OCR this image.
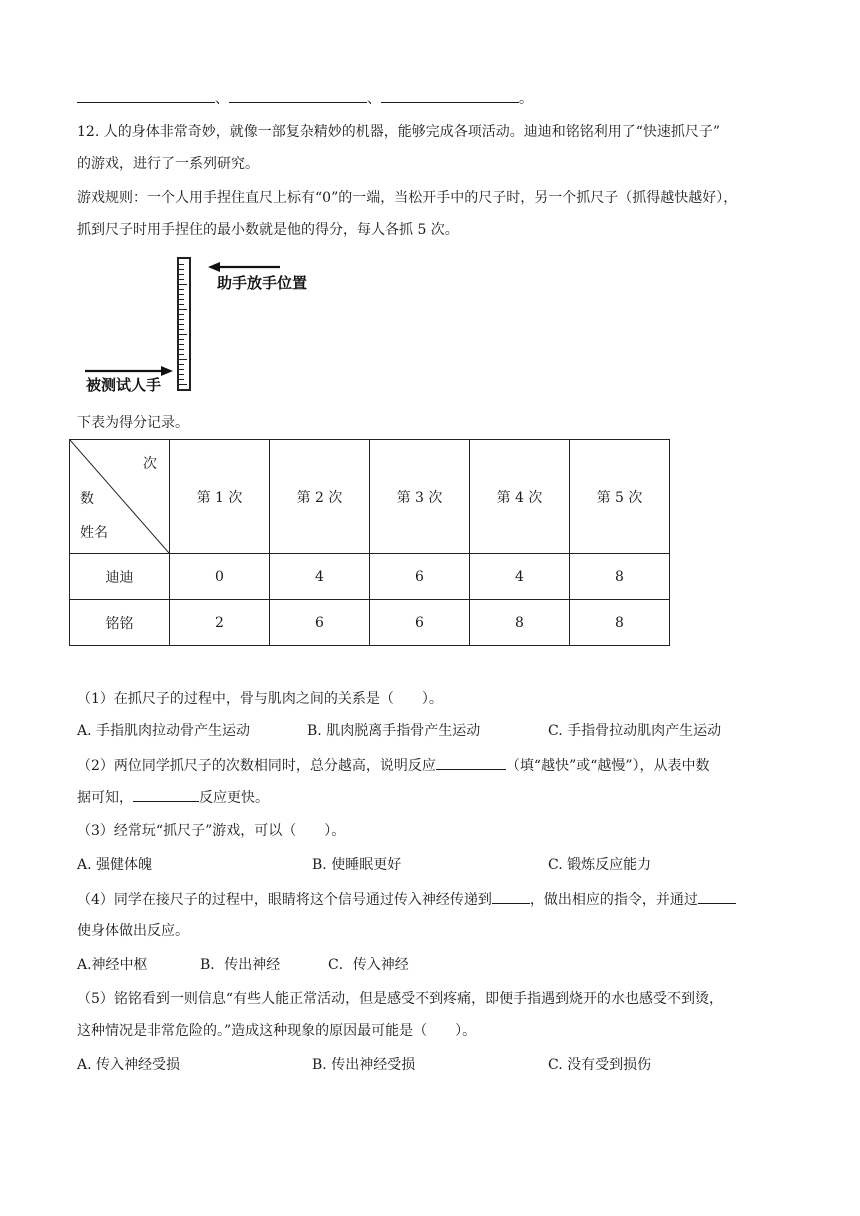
、	、	。
12. 人的身体非常奇妙，就像一部复杂精妙的机器，能够完成各项活动。迪迪和铭铭利用了“快速抓尺子”
的游戏，进行了一系列研究。
游戏规则：一个人用手捏住直尺上标有“0”的一端，当松开手中的尺子时，另一个抓尺子（抓得越快越好），
抓到尺子时用手捏住的最小数就是他的得分，每人各抓 5 次。
助手放手位置
被测试人手
下表为得分记录。
次
数
姓名	第 1 次	第 2 次	第 3 次	第 4 次	第 5 次
迪迪	0	4	6	4	8
铭铭	2	6	6	8	8
（1）在抓尺子的过程中，骨与肌肉之间的关系是（　　）。
A. 手指肌肉拉动骨产生运动	B. 肌肉脱离手指骨产生运动	C. 手指骨拉动肌肉产生运动
（2）两位同学抓尺子的次数相同时，总分越高，说明反应	（填“越快”或“越慢”），从表中数
据可知，	反应更快。
（3）经常玩“抓尺子”游戏，可以（　　）。
A. 强健体魄	B. 使睡眠更好	C. 锻炼反应能力
（4）同学在接尺子的过程中，眼睛将这个信号通过传入神经传递到	，做出相应的指令，并通过
使身体做出反应。
A.神经中枢	B．传出神经	C．传入神经
（5）铭铭看到一则信息“有些人能正常活动，但是感受不到疼痛，即便手指遇到烧开的水也感受不到烫，
这种情况是非常危险的。”造成这种现象的原因最可能是（　　）。
A. 传入神经受损	B. 传出神经受损	C. 没有受到损伤
